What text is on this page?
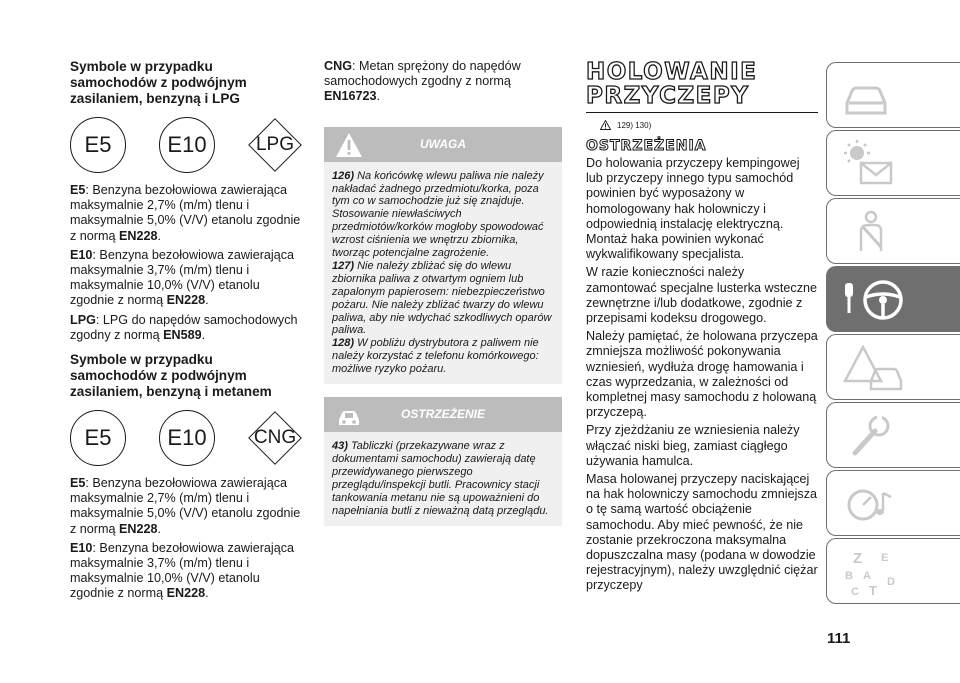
Symbole w przypadku samochodów z podwójnym zasilaniem, benzyną i LPG
E5	E10	LPG

E5: Benzyna bezołowiowa zawierająca maksymalnie 2,7% (m/m) tlenu i maksymalnie 5,0% (V/V) etanolu zgodnie z normą EN228.

E10: Benzyna bezołowiowa zawierająca maksymalnie 3,7% (m/m) tlenu i maksymalnie 10,0% (V/V) etanolu zgodnie z normą EN228.

LPG: LPG do napędów samochodowych zgodny z normą EN589.

Symbole w przypadku samochodów z podwójnym zasilaniem, benzyną i metanem
E5	E10 CNG

E5: Benzyna bezołowiowa zawierająca maksymalnie 2,7% (m/m) tlenu i maksymalnie 5,0% (V/V) etanolu zgodnie z normą EN228.

E10: Benzyna bezołowiowa zawierająca maksymalnie 3,7% (m/m) tlenu i maksymalnie 10,0% (V/V) etanolu zgodnie z normą EN228.

CNG: Metan sprężony do napędów samochodowych zgodny z normą EN16723.

UWAGA

126) Na końcówkę wlewu paliwa nie należy nakładać żadnego przedmiotu/korka, poza tym co w samochodzie już się znajduje. Stosowanie niewłaściwych przedmiotów/korków mogłoby spowodować wzrost ciśnienia we wnętrzu zbiornika, tworząc potencjalne zagrożenie.

127) Nie należy zbliżać się do wlewu zbiornika paliwa z otwartym ogniem lub zapalonym papierosem: niebezpieczeństwo pożaru. Nie należy zbliżać twarzy do wlewu paliwa, aby nie wdychać szkodliwych oparów paliwa.

128) W pobliżu dystrybutora z paliwem nie należy korzystać z telefonu komórkowego: możliwe ryzyko pożaru.

OSTRZEŻENIE

43) Tabliczki (przekazywane wraz z dokumentami samochodu) zawierają datę przewidywanego pierwszego przeglądu/inspekcji butli. Pracownicy stacji tankowania metanu nie są upoważnieni do napełniania butli z nieważną datą przeglądu.

HOLOWANIE PRZYCZEPY
129) 130)
OSTRZEŻENIA

Do holowania przyczepy kempingowej lub przyczepy innego typu samochód powinien być wyposażony w homologowany hak holowniczy i odpowiednią instalację elektryczną. Montaż haka powinien wykonać wykwalifikowany specjalista.

W razie konieczności należy zamontować specjalne lusterka wsteczne zewnętrzne i/lub dodatkowe, zgodnie z przepisami kodeksu drogowego.

Należy pamiętać, że holowana przyczepa zmniejsza możliwość pokonywania wzniesień, wydłuża drogę hamowania i czas wyprzedzania, w zależności od kompletnej masy samochodu z holowaną przyczepą.

Przy zjeżdżaniu ze wzniesienia należy włączać niski bieg, zamiast ciągłego używania hamulca.

Masa holowanej przyczepy naciskającej na hak holowniczy samochodu zmniejsza o tę samą wartość obciążenie samochodu. Aby mieć pewność, że nie zostanie przekroczona maksymalna dopuszczalna masy (podana w dowodzie rejestracyjnym), należy uwzględnić ciężar przyczepy

Z E
B A
C T
D
111
